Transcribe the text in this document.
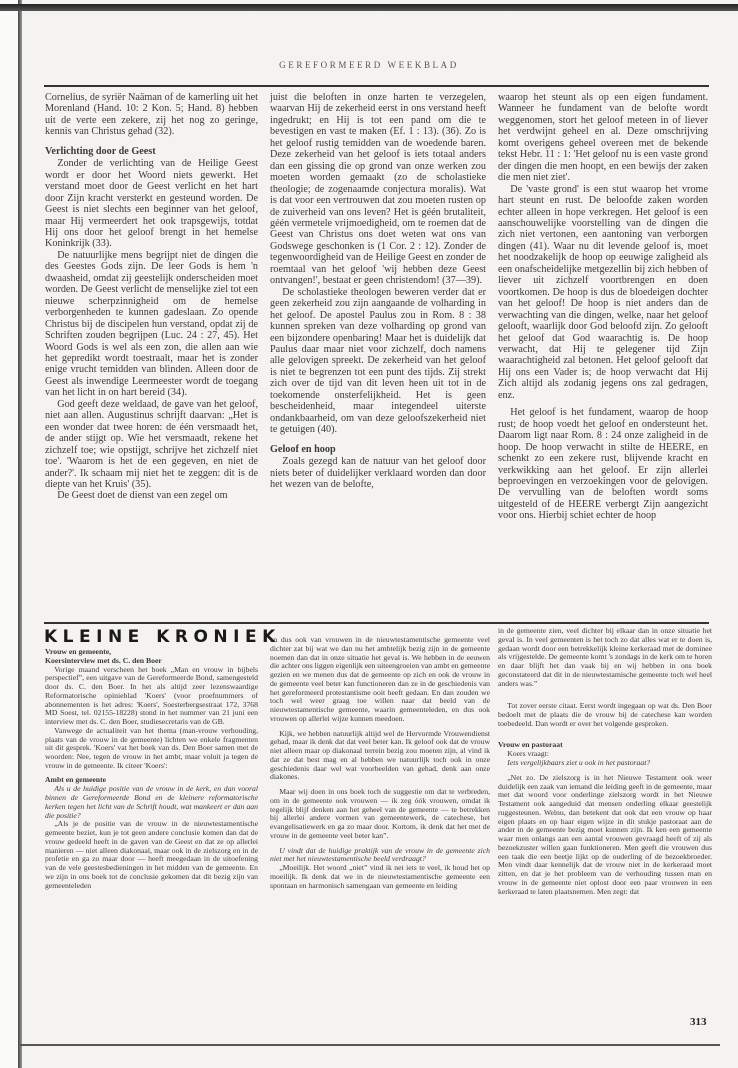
GEREFORMEERD WEEKBLAD

Cornelius, de syriër Naäman of de kamerling uit het Morenland (Hand. 10: 2 Kon. 5; Hand. 8) hebben uit de verte een zekere, zij het nog zo geringe, kennis van Christus gehad (32).

Verlichting door de Geest

Zonder de verlichting van de Heilige Geest wordt er door het Woord niets gewerkt. Het verstand moet door de Geest verlicht en het hart door Zijn kracht versterkt en gesteund worden. De Geest is niet slechts een beginner van het geloof, maar Hij vermeerdert het ook trapsgewijs, totdat Hij ons door het geloof brengt in het hemelse Koninkrijk (33).

De natuurlijke mens begrijpt niet de dingen die des Geestes Gods zijn. De leer Gods is hem 'n dwaasheid, omdat zij geestelijk onderscheiden moet worden. De Geest verlicht de menselijke ziel tot een nieuwe scherpzinnigheid om de hemelse verborgenheden te kunnen gadeslaan. Zo opende Christus bij de discipelen hun verstand, opdat zij de Schriften zouden begrijpen (Luc. 24 : 27, 45). Het Woord Gods is wel als een zon, die allen aan wie het gepredikt wordt toestraalt, maar het is zonder enige vrucht temidden van blinden. Alleen door de Geest als inwendige Leermeester wordt de toegang van het licht in on hart bereid (34).

God geeft deze weldaad, de gave van het geloof, niet aan allen. Augustinus schrijft daarvan: „Het is een wonder dat twee horen: de één versmaadt het, de ander stijgt op. Wie het versmaadt, rekene het zichzelf toe; wie opstijgt, schrijve het zichzelf niet toe'. 'Waarom is het de een gegeven, en niet de ander?'. Ik schaam mij niet het te zeggen: dit is de diepte van het Kruis' (35).

De Geest doet de dienst van een zegel om

juist die beloften in onze harten te verzegelen, waarvan Hij de zekerheid eerst in ons verstand heeft ingedrukt; en Hij is tot een pand om die te bevestigen en vast te maken (Ef. 1 : 13). (36). Zo is het geloof rustig temidden van de woedende baren. Deze zekerheid van het geloof is iets totaal anders dan een gissing die op grond van onze werken zou moeten worden gemaakt (zo de scholastieke theologie; de zogenaamde conjectura moralis). Wat is dat voor een vertrouwen dat zou moeten rusten op de zuiverheid van ons leven? Het is géén brutaliteit, géén vermetele vrijmoedigheid, om te roemen dat de Geest van Christus ons doet weten wat ons van Godswege geschonken is (1 Cor. 2 : 12). Zonder de tegenwoordigheid van de Heilige Geest en zonder de roemtaal van het geloof 'wij hebben deze Geest ontvangen!', bestaat er geen christendom! (37—39).

De scholastieke theologen beweren verder dat er geen zekerheid zou zijn aangaande de volharding in het geloof. De apostel Paulus zou in Rom. 8 : 38 kunnen spreken van deze volharding op grond van een bijzondere openbaring! Maar het is duidelijk dat Paulus daar maar niet voor zichzelf, doch namens alle gelovigen spreekt. De zekerheid van het geloof is niet te begrenzen tot een punt des tijds. Zij strekt zich over de tijd van dit leven heen uit tot in de toekomende onsterfelijkheid. Het is geen bescheidenheid, maar integendeel uiterste ondankbaarheid, om van deze geloofszekerheid niet te getuigen (40).

Geloof en hoop

Zoals gezegd kan de natuur van het geloof door niets beter of duidelijker verklaard worden dan door het wezen van de belofte,

waarop het steunt als op een eigen fundament. Wanneer he fundament van de belofte wordt weggenomen, stort het geloof meteen in of liever het verdwijnt geheel en al. Deze omschrijving komt overigens geheel overeen met de bekende tekst Hebr. 11 : 1: 'Het geloof nu is een vaste grond der dingen die men hoopt, en een bewijs der zaken die men niet ziet'.

De 'vaste grond' is een stut waarop het vrome hart steunt en rust. De beloofde zaken worden echter alleen in hope verkregen. Het geloof is een aanschouwelijke voorstelling van de dingen die zich niet vertonen, een aantoning van verborgen dingen (41). Waar nu dit levende geloof is, moet het noodzakelijk de hoop op eeuwige zaligheid als een onafscheidelijke metgezellin bij zich hebben of liever uit zichzelf voortbrengen en doen voortkomen. De hoop is dus de bloedeigen dochter van het geloof! De hoop is niet anders dan de verwachting van die dingen, welke, naar het geloof gelooft, waarlijk door God beloofd zijn. Zo gelooft het geloof dat God waarachtig is. De hoop verwacht, dat Hij te gelegener tijd Zijn waarachtigheid zal betonen. Het geloof gelooft dat Hij ons een Vader is; de hoop verwacht dat Hij Zich altijd als zodanig jegens ons zal gedragen, enz.

Het geloof is het fundament, waarop de hoop rust; de hoop voedt het geloof en ondersteunt het. Daarom ligt naar Rom. 8 : 24 onze zaligheid in de hoop. De hoop verwacht in stilte de HEERE, en schenkt zo een zekere rust, blijvende kracht en verkwikking aan het geloof. Er zijn allerlei beproevingen en verzoekingen voor de gelovigen. De vervulling van de beloften wordt soms uitgesteld of de HEERE verbergt Zijn aangezicht voor ons. Hierbij schiet echter de hoop

KLEINE KRONIEK

Vrouw en gemeente,

Koersinterview met ds. C. den Boer

Vorige maand verscheen het boek „Man en vrouw in bijbels perspectief”, een uitgave van de Gereformeerde Bond, samengesteld door ds. C. den Boer. In het als altijd zeer lezenswaardige Reformatorische opinieblad 'Koers' (voor proefnummers of abonnementen is het adres: 'Koers', Soesterbergsestraat 172, 3768 MD Soest, tel. 02155-18228) stond in het nummer van 21 juni een interview met ds. C. den Boer, studiesecretaris van de GB.

Vanwege de actualiteit van het thema (man-vrouw verhouding, plaats van de vrouw in de gemeente) lichten we enkele fragmenten uit dit gesprek. 'Koers' vat het boek van ds. Den Boer samen met de woorden: Nee, tegen de vrouw in het ambt, maar voluit ja tegen de vrouw in de gemeente. Ik citeer 'Koers':

Ambt en gemeente

Als u de huidige positie van de vrouw in de kerk, en dan vooral binnen de Gereformeerde Bond en de kleinere reformatorische kerken tegen het licht van de Schrift houdt, wat mankeert er dan aan die positie?

„Als je de positie van de vrouw in de nieuwtestamentische gemeente beziet, kun je tot geen andere conclusie komen dan dat de vrouw gedeeld heeft in de gaven van de Geest en dat ze op allerlei manieren — niet alleen diakonaal, maar ook in de zielszorg en in de profetie en ga zo maar door — heeft meegedaan in de uitoefening van de vele geestesbedieningen in het midden van de gemeente. En we zijn in ons boek tot de conclusie gekomen dat dit bezig zijn van gemeenteleden

en dus ook van vrouwen in de nieuwtestamentische gemeente veel dichter zat bij wat we dan nu het ambtelijk bezig zijn in de gemeente noemen dan dat in onze situatie het geval is. We hebben in de eeuwen die achter ons liggen eigenlijk een uiteengroeien van ambt en gemeente gezien en we menen dus dat de gemeente op zich en ook de vrouw in de gemeente veel beter kan functioneren dan ze in de geschiedenis van het gereformeerd protestantisme ooit heeft gedaan. En dan zouden we toch wel weer graag toe willen naar dat beeld van de nieuwtestamentische gemeente, waarin gemeenteleden, en dus ook vrouwen op allerlei wijze kunnen meedoen.

Kijk, we hebben natuurlijk altijd wel de Hervormde Vrouwendienst gehad, maar ik denk dat dat veel beter kan. Ik geloof ook dat de vrouw niet alleen maar op diakonaal terrein bezig zou moeten zijn, al vind ik dat ze dat best mag en al hebben we natuurlijk toch ook in onze geschiedenis daar wel wat voorbeelden van gehad, denk aan onze diakones.

Maar wij doen in ons boek toch de suggestie om dat te verbreden, om in de gemeente ook vrouwen — ik zeg óók vrouwen, omdat ik tegelijk blijf denken aan het geheel van de gemeente — te betrekken bij allerlei andere vormen van gemeentewerk, de catechese, het evangelisatiewerk en ga zo maar door. Kortom, ik denk dat het met de vrouw in de gemeente veel beter kan”.

U vindt dat de huidige praktijk van de vrouw in de gemeente zich niet met het nieuwtestamentische beeld verdraagt?

„Moeilijk. Het woord „niet” vind ik net iets te veel, ik houd het op moeilijk. Ik denk dat we in de nieuwtestamentische gemeente een spontaan en harmonisch samengaan van gemeente en leiding

in de gemeente zien, veel dichter bij elkaar dan in onze situatie het geval is. In veel gemeenten is het toch zo dat alles wat er te doen is, gedaan wordt door een betrekkelijk kleine kerkeraad met de dominee als vrijgestelde. De gemeente komt 's zondags in de kerk om te horen en daar blijft het dan vaak bij en wij hebben in ons boek geconstateerd dat dit in de nieuwtestamische gemeente toch wel heel anders was.”

Tot zover eerste citaat. Eerst wordt ingegaan op wat ds. Den Boer bedoelt met de plaats die de vrouw bij de catechese kan worden toebedeeld. Dan wordt er over het volgende gesproken.

Vrouw en pastoraat

Koers vraagt:

Iets vergelijkbaars ziet u ook in het pastoraat?

„Net zo. De zielszorg is in het Nieuwe Testament ook weer duidelijk een zaak van iemand die leiding geeft in de gemeente, maar met dat woord voor onderlinge zielszorg wordt in het Nieuwe Testament ook aangeduid dat mensen onderling elkaar geestelijk ruggesteunen. Welnu, dan betekent dat ook dat een vrouw op haar eigen plaats en op haar eigen wijze in dit stukje pastoraat aan de ander in de gemeente bezig moet kunnen zijn. Ik ken een gemeente waar men onlangs aan een aantal vrouwen gevraagd heeft of zij als bezoekzuster willen gaan funktioneren. Men geeft die vrouwen dus een taak die een beetje lijkt op de ouderling of de bezoekbroeder. Men vindt daar kennelijk dat de vrouw niet in de kerkeraad moet zitten, en dat je het probleem van de verhouding tussen man en vrouw in de gemeente niet oplost door een paar vrouwen in een kerkeraad te laten plaatsnemen. Men zegt: dat

313
